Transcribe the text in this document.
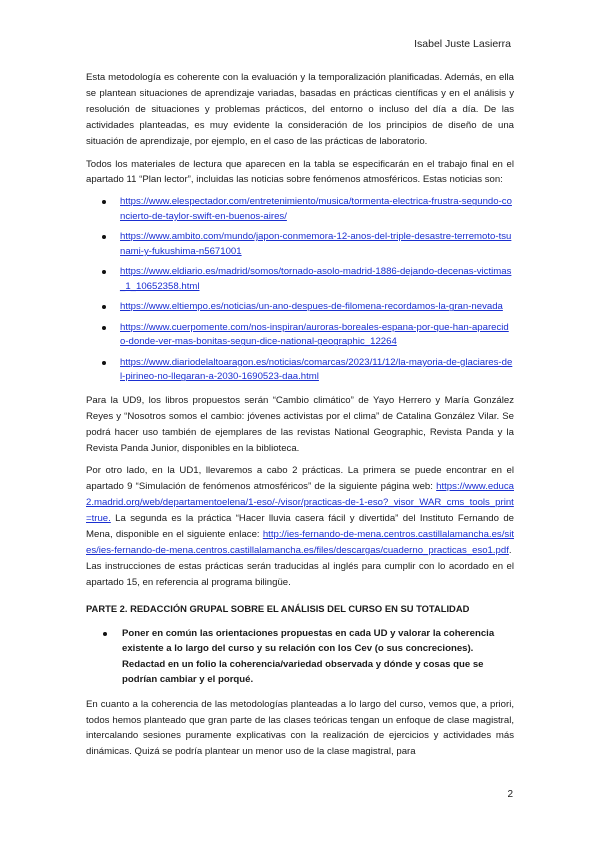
Isabel Juste Lasierra

Esta metodología es coherente con la evaluación y la temporalización planificadas. Además, en ella se plantean situaciones de aprendizaje variadas, basadas en prácticas científicas y en el análisis y resolución de situaciones y problemas prácticos, del entorno o incluso del día a día. De las actividades planteadas, es muy evidente la consideración de los principios de diseño de una situación de aprendizaje, por ejemplo, en el caso de las prácticas de laboratorio.

Todos los materiales de lectura que aparecen en la tabla se especificarán en el trabajo final en el apartado 11 “Plan lector”, incluidas las noticias sobre fenómenos atmosféricos. Estas noticias son:

https://www.elespectador.com/entretenimiento/musica/tormenta-electrica-frustra-segundo-concierto-de-taylor-swift-en-buenos-aires/
https://www.ambito.com/mundo/japon-conmemora-12-anos-del-triple-desastre-terremoto-tsunami-y-fukushima-n5671001
https://www.eldiario.es/madrid/somos/tornado-asolo-madrid-1886-dejando-decenas-victimas_1_10652358.html
https://www.eltiempo.es/noticias/un-ano-despues-de-filomena-recordamos-la-gran-nevada
https://www.cuerpomente.com/nos-inspiran/auroras-boreales-espana-por-que-han-aparecido-donde-ver-mas-bonitas-segun-dice-national-geographic_12264
https://www.diariodelaltoaragon.es/noticias/comarcas/2023/11/12/la-mayoria-de-glaciares-del-pirineo-no-llegaran-a-2030-1690523-daa.html

Para la UD9, los libros propuestos serán “Cambio climático” de Yayo Herrero y María González Reyes y “Nosotros somos el cambio: jóvenes activistas por el clima” de Catalina González Vilar. Se podrá hacer uso también de ejemplares de las revistas National Geographic, Revista Panda y la Revista Panda Junior, disponibles en la biblioteca.

Por otro lado, en la UD1, llevaremos a cabo 2 prácticas. La primera se puede encontrar en el apartado 9 “Simulación de fenómenos atmosféricos” de la siguiente página web: https://www.educa2.madrid.org/web/departamentoelena/1-eso/-/visor/practicas-de-1-eso?_visor_WAR_cms_tools_print=true. La segunda es la práctica “Hacer lluvia casera fácil y divertida” del Instituto Fernando de Mena, disponible en el siguiente enlace: http://ies-fernando-de-mena.centros.castillalamancha.es/sites/ies-fernando-de-mena.centros.castillalamancha.es/files/descargas/cuaderno_practicas_eso1.pdf. Las instrucciones de estas prácticas serán traducidas al inglés para cumplir con lo acordado en el apartado 15, en referencia al programa bilingüe.

PARTE 2. REDACCIÓN GRUPAL SOBRE EL ANÁLISIS DEL CURSO EN SU TOTALIDAD
Poner en común las orientaciones propuestas en cada UD y valorar la coherencia existente a lo largo del curso y su relación con los Cev (o sus concreciones). Redactad en un folio la coherencia/variedad observada y dónde y cosas que se podrían cambiar y el porqué.

En cuanto a la coherencia de las metodologías planteadas a lo largo del curso, vemos que, a priori, todos hemos planteado que gran parte de las clases teóricas tengan un enfoque de clase magistral, intercalando sesiones puramente explicativas con la realización de ejercicios y actividades más dinámicas. Quizá se podría plantear un menor uso de la clase magistral, para

2
